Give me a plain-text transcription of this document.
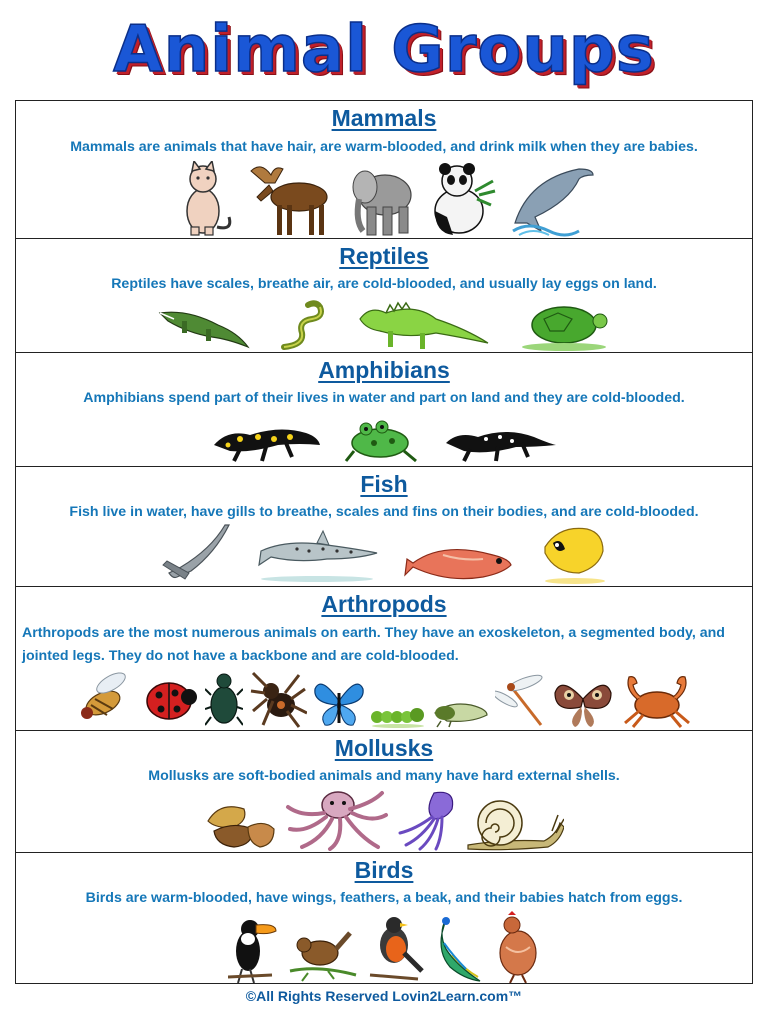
Animal Groups
Mammals
Mammals are animals that have hair, are warm-blooded, and drink milk when they are babies.
Reptiles
Reptiles have scales, breathe air, are cold-blooded, and usually lay eggs on land.
Amphibians
Amphibians spend part of their lives in water and part on land and they are cold-blooded.
Fish
Fish live in water, have gills to breathe, scales and fins on their bodies, and are cold-blooded.
Arthropods
Arthropods are the most numerous animals on earth. They have an exoskeleton, a segmented body, and jointed legs. They do not have a backbone and are cold-blooded.
Mollusks
Mollusks are soft-bodied animals and many have hard external shells.
Birds
Birds are warm-blooded, have wings, feathers, a beak, and their babies hatch from eggs.
©All Rights Reserved Lovin2Learn.com™
